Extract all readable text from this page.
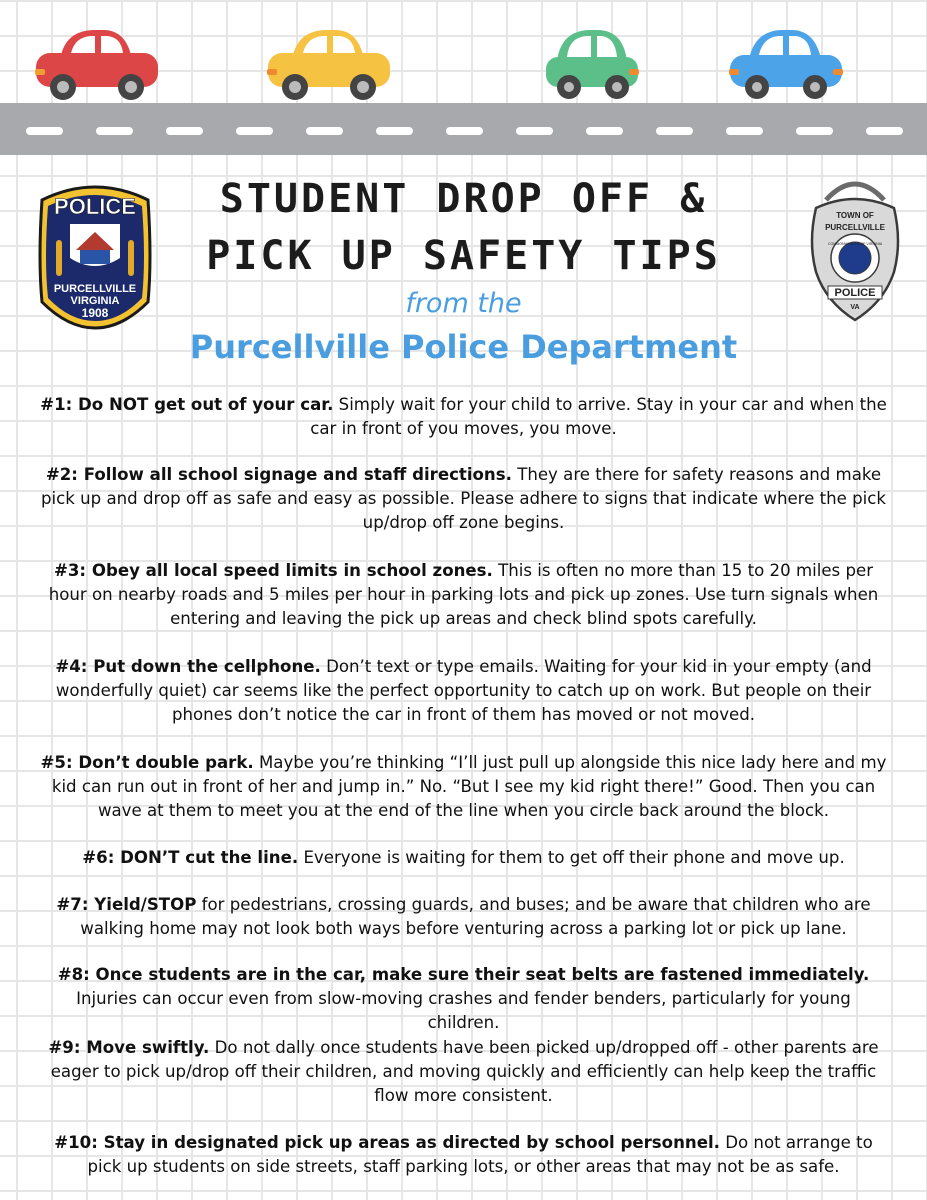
POLICE
PURCELLVILLE
VIRGINIA
1908
TOWN OF
PURCELLVILLE
COMMONWEALTH OF VIRGINIA
POLICE
VA
STUDENT DROP OFF &
PICK UP SAFETY TIPS
from the
Purcellville Police Department

#1: Do NOT get out of your car. Simply wait for your child to arrive. Stay in your car and when the car in front of you moves, you move.

#2: Follow all school signage and staff directions. They are there for safety reasons and make pick up and drop off as safe and easy as possible. Please adhere to signs that indicate where the pick up/drop off zone begins.

#3: Obey all local speed limits in school zones. This is often no more than 15 to 20 miles per hour on nearby roads and 5 miles per hour in parking lots and pick up zones. Use turn signals when entering and leaving the pick up areas and check blind spots carefully.

#4: Put down the cellphone. Don’t text or type emails. Waiting for your kid in your empty (and wonderfully quiet) car seems like the perfect opportunity to catch up on work. But people on their phones don’t notice the car in front of them has moved or not moved.

#5: Don’t double park. Maybe you’re thinking “I’ll just pull up alongside this nice lady here and my kid can run out in front of her and jump in.” No. “But I see my kid right there!” Good. Then you can wave at them to meet you at the end of the line when you circle back around the block.

#6: DON’T cut the line. Everyone is waiting for them to get off their phone and move up.

#7: Yield/STOP for pedestrians, crossing guards, and buses; and be aware that children who are walking home may not look both ways before venturing across a parking lot or pick up lane.

#8: Once students are in the car, make sure their seat belts are fastened immediately. Injuries can occur even from slow-moving crashes and fender benders, particularly for young children.

#9: Move swiftly. Do not dally once students have been picked up/dropped off - other parents are eager to pick up/drop off their children, and moving quickly and efficiently can help keep the traffic flow more consistent.

#10: Stay in designated pick up areas as directed by school personnel. Do not arrange to pick up students on side streets, staff parking lots, or other areas that may not be as safe.
